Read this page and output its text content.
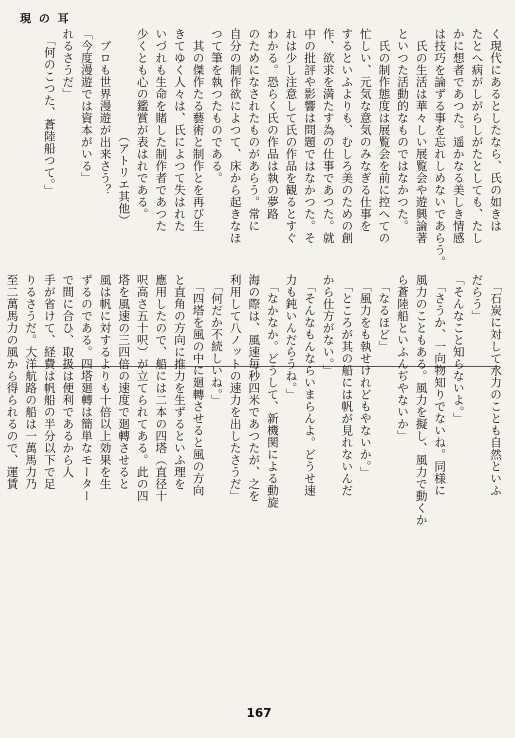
現 の 耳
く現代にあるとしたなら、氏の如きは
たとへ病がしがらしがたとしても、たし
かに想者であつた。遥かなる美しき情感
は技巧を論ずる事を忘れしめないであらう。
　氏の生活は華々しい展覧会や遊興論著
といつた活動的なものではなかつた。
　氏の制作態度は展覧会を前に控へての
忙しい、元気な意気のみなぎる仕事を
するといふよりも、むしろ美のための創
作、欲求を満たす為の仕事であつた。就
中の批評や影響は問題ではなかつた。そ
れは少し注意して氏の作品を観るとすぐ
わかる。恐らく氏の作品は執の夢路
のためになされたものがあらう。常に
自分の制作欲によつて、床から起きなほ
つて筆を執つたものである。
　其の傑作たる藝術と制作とを再び生
きてゆく人々は、氏によつて失はれた
いづれも生命を賭した制作者であつた
少くとも心の鑑賞が表はれである。
　　　　　　　　　（アトリエ其他）
　ブロも世界漫遊が出来さう？
「今度漫遊では資本がいる」
れるさうだ」
　「何のこつた、蒼陸船つて。」

　「石炭に対して水力のことも自然といふ
だらう」
「そんなこと知らないよ。」
　「さうか、一向物知りでないね。同様に
風力のこともある。風力を擬し、風力で動くか
ら蒼陸船といふんぢやないか」
　「なるほど」
　「風力をも執せけれどもやないか。」
　「ところが其の船には帆が見れないんだ
から仕方がない。」
　「そんなもんならいまらんよ。どうせ速
力も鈍いんだらうね。」
　「なかなか。どうして、新機関による動旋
海の際は、風速毎秒四米であつたが、之を
利用して八ノットの速力を出したさうだ」
　「何だか不続しいね。」
　「四塔を風の中に廻轉させると風の方向
と直角の方向に推力を生ずるといふ理を
應用したので、船には二本の四塔（直径十
呎高さ五十呎）が立てられてある。此の四
塔を風速の三四倍の速度で廻轉させると
風は帆に対するよりも十倍以上効果を生
ずるのである。四塔廻轉は簡単なモーター
で間に合ひ、取扱は便利であるから人
手が省けて、経費は帆船の半分以下で足
りるさうだ。大洋航路の船は一萬馬力乃
至二萬馬力の風から得られるので、運賃

167
